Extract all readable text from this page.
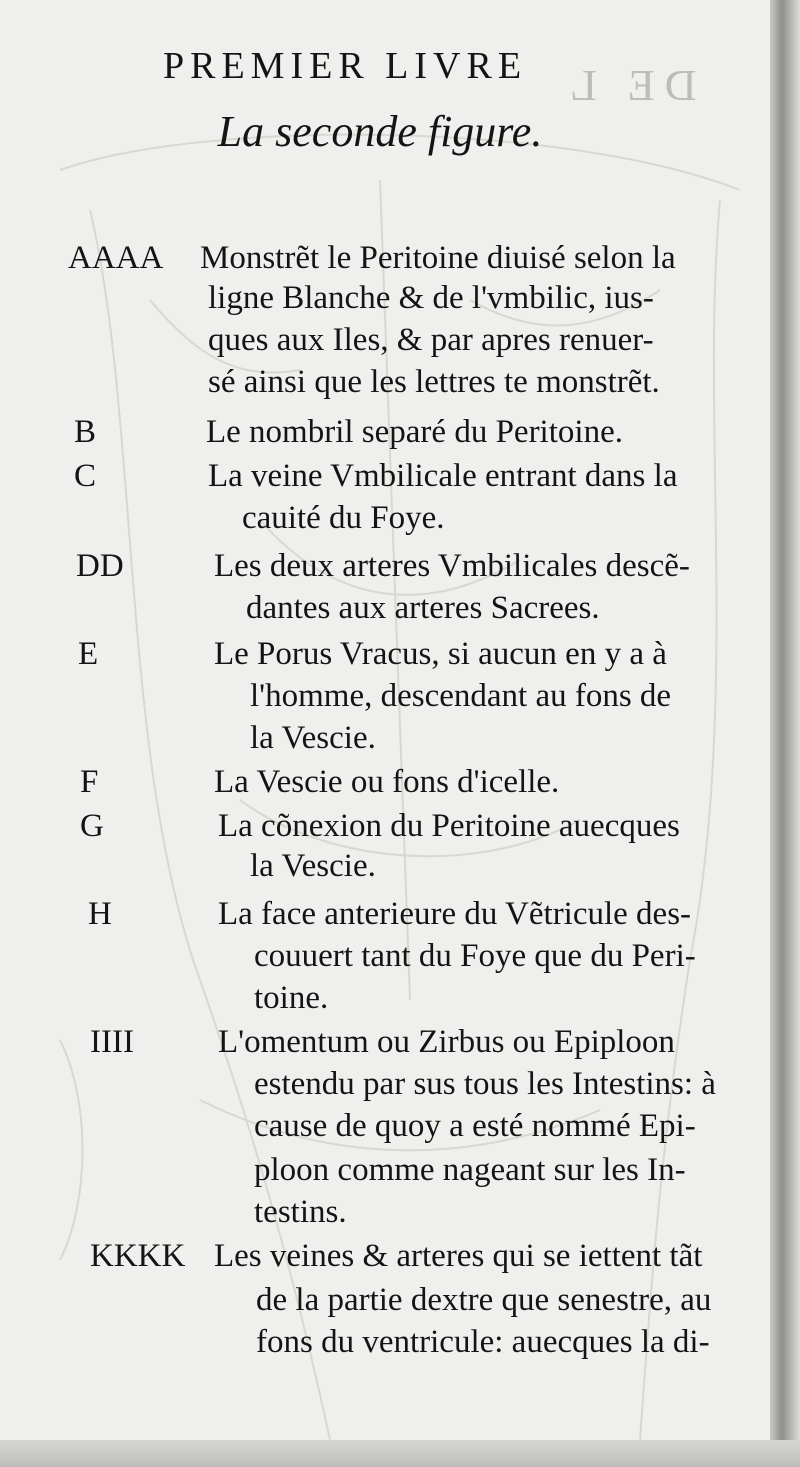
DE L
PREMIER LIVRE
La seconde figure.
AAAA Monstrẽt le Peritoine diuisé selon la
ligne Blanche & de l'vmbilic, ius-
ques aux Iles, & par apres renuer-
sé ainsi que les lettres te monstrẽt.
B	Le nombril separé du Peritoine.
C	La veine Vmbilicale entrant dans la
cauité du Foye.
DD	Les deux arteres Vmbilicales descẽ-
dantes aux arteres Sacrees.
E	Le Porus Vracus, si aucun en y a à
l'homme, descendant au fons de
la Vescie.
F	La Vescie ou fons d'icelle.
G	La cõnexion du Peritoine auecques
la Vescie.
H	La face anterieure du Vẽtricule des-
couuert tant du Foye que du Peri-
toine.
IIII	L'omentum ou Zirbus ou Epiploon
estendu par sus tous les Intestins: à
cause de quoy a esté nommé Epi-
ploon comme nageant sur les In-
testins.
KKKK Les veines & arteres qui se iettent tãt
de la partie dextre que senestre, au
fons du ventricule: auecques la di-
